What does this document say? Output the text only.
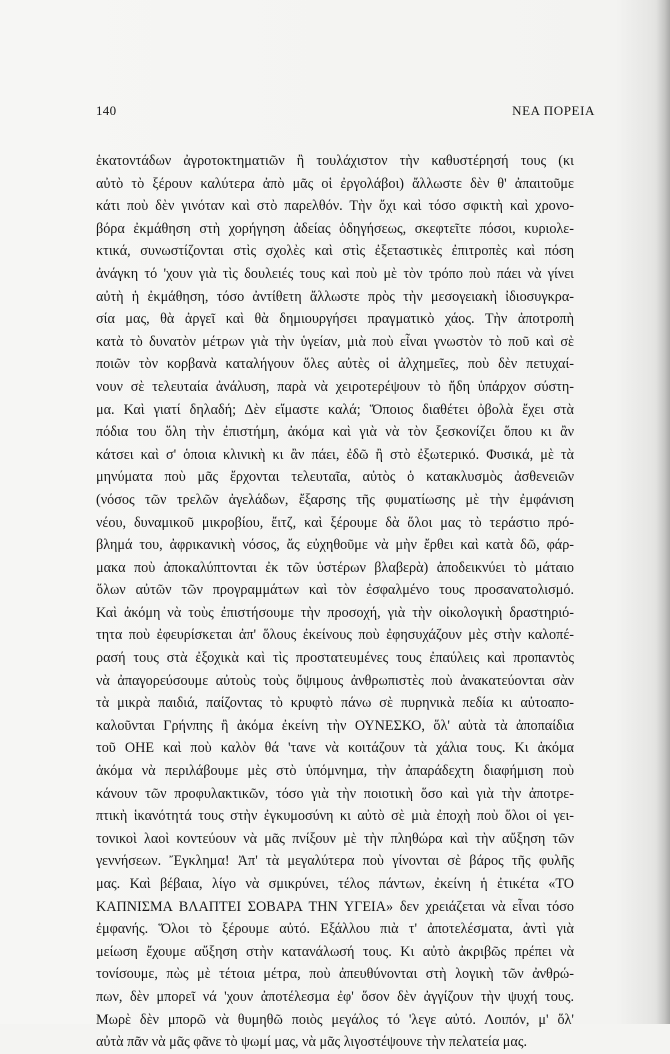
140	ΝΕΑ ΠΟΡΕΙΑ
ἑκατοντάδων ἀγροτοκτηματιῶν ἢ τουλάχιστον τὴν καθυστέρησή τους (κι
αὐτὸ τὸ ξέρουν καλύτερα ἀπὸ μᾶς οἱ ἐργολάβοι) ἄλλωστε δὲν θ' ἀπαιτοῦμε
κάτι ποὺ δὲν γινόταν καὶ στὸ παρελθόν. Τὴν ὄχι καὶ τόσο σφικτὴ καὶ χρονο-
βόρα ἐκμάθηση στὴ χορήγηση ἀδείας ὁδηγήσεως, σκεφτεῖτε πόσοι, κυριολε-
κτικά, συνωστίζονται στὶς σχολὲς καὶ στὶς ἐξεταστικὲς ἐπιτροπὲς καὶ πόση
ἀνάγκη τό 'χουν γιὰ τὶς δουλειές τους καὶ ποὺ μὲ τὸν τρόπο ποὺ πάει νὰ γίνει
αὐτὴ ἡ ἐκμάθηση, τόσο ἀντίθετη ἄλλωστε πρὸς τὴν μεσογειακὴ ἰδιοσυγκρα-
σία μας, θὰ ἀργεῖ καὶ θὰ δημιουργήσει πραγματικὸ χάος. Τὴν ἀποτροπὴ
κατὰ τὸ δυνατὸν μέτρων γιὰ τὴν ὑγείαν, μιὰ ποὺ εἶναι γνωστὸν τὸ ποῦ καὶ σὲ
ποιῶν τὸν κορβανὰ καταλήγουν ὅλες αὐτὲς οἱ ἀλχημεῖες, ποὺ δὲν πετυχαί-
νουν σὲ τελευταία ἀνάλυση, παρὰ νὰ χειροτερέψουν τὸ ἤδη ὑπάρχον σύστη-
μα. Καὶ γιατί δηλαδή; Δὲν εἴμαστε καλά; Ὅποιος διαθέτει ὀβολὰ ἔχει στὰ
πόδια του ὅλη τὴν ἐπιστήμη, ἀκόμα καὶ γιὰ νὰ τὸν ξεσκονίζει ὅπου κι ἂν
κάτσει καὶ σ' ὁποια κλινικὴ κι ἂν πάει, ἐδῶ ἢ στὸ ἐξωτερικό. Φυσικά, μὲ τὰ
μηνύματα ποὺ μᾶς ἔρχονται τελευταῖα, αὐτὸς ὁ κατακλυσμὸς ἀσθενειῶν
(νόσος τῶν τρελῶν ἀγελάδων, ἔξαρσης τῆς φυματίωσης μὲ τὴν ἐμφάνιση
νέου, δυναμικοῦ μικροβίου, ἔιτζ, καὶ ξέρουμε δὰ ὅλοι μας τὸ τεράστιο πρό-
βλημά του, ἀφρικανικὴ νόσος, ἄς εὐχηθοῦμε νὰ μὴν ἔρθει καὶ κατὰ δῶ, φάρ-
μακα ποὺ ἀποκαλύπτονται ἐκ τῶν ὑστέρων βλαβερὰ) ἀποδεικνύει τὸ μάταιο
ὅλων αὐτῶν τῶν προγραμμάτων καὶ τὸν ἐσφαλμένο τους προσανατολισμό.
Καὶ ἀκόμη νὰ τοὺς ἐπιστήσουμε τὴν προσοχή, γιὰ τὴν οἰκολογικὴ δραστηριό-
τητα ποὺ ἐφευρίσκεται ἀπ' ὅλους ἐκείνους ποὺ ἐφησυχάζουν μὲς στὴν καλοπέ-
ρασή τους στὰ ἐξοχικὰ καὶ τὶς προστατευμένες τους ἐπαύλεις καὶ προπαντὸς
νὰ ἀπαγορεύσουμε αὐτοὺς τοὺς ὄψιμους ἀνθρωπιστὲς ποὺ ἀνακατεύονται σὰν
τὰ μικρὰ παιδιά, παίζοντας τὸ κρυφτὸ πάνω σὲ πυρηνικὰ πεδία κι αὐτοαπο-
καλοῦνται Γρήνπης ἢ ἀκόμα ἐκείνη τὴν ΟΥΝΕΣΚΟ, ὅλ' αὐτὰ τὰ ἀποπαίδια
τοῦ ΟΗΕ καὶ ποὺ καλὸν θά 'τανε νὰ κοιτάζουν τὰ χάλια τους. Κι ἀκόμα
ἀκόμα νὰ περιλάβουμε μὲς στὸ ὑπόμνημα, τὴν ἀπαράδεχτη διαφήμιση ποὺ
κάνουν τῶν προφυλακτικῶν, τόσο γιὰ τὴν ποιοτικὴ ὅσο καὶ γιὰ τὴν ἀποτρε-
πτικὴ ἱκανότητά τους στὴν ἐγκυμοσύνη κι αὐτὸ σὲ μιὰ ἐποχὴ ποὺ ὅλοι οἱ γει-
τονικοὶ λαοὶ κοντεύουν νὰ μᾶς πνίξουν μὲ τὴν πληθώρα καὶ τὴν αὔξηση τῶν
γεννήσεων. Ἔγκλημα! Ἀπ' τὰ μεγαλύτερα ποὺ γίνονται σὲ βάρος τῆς φυλῆς
μας. Καὶ βέβαια, λίγο νὰ σμικρύνει, τέλος πάντων, ἐκείνη ἡ ἐτικέτα «ΤΟ
ΚΑΠΝΙΣΜΑ ΒΛΑΠΤΕΙ ΣΟΒΑΡΑ ΤΗΝ ΥΓΕΙΑ» δεν χρειάζεται νὰ εἶναι τόσο
ἐμφανής. Ὅλοι τὸ ξέρουμε αὐτό. Εξάλλου πιὰ τ' ἀποτελέσματα, ἀντὶ γιὰ
μείωση ἔχουμε αὔξηση στὴν κατανάλωσή τους. Κι αὐτὸ ἀκριβῶς πρέπει νὰ
τονίσουμε, πὼς μὲ τέτοια μέτρα, ποὺ ἀπευθύνονται στὴ λογικὴ τῶν ἀνθρώ-
πων, δὲν μπορεῖ νά 'χουν ἀποτέλεσμα ἐφ' ὅσον δὲν ἀγγίζουν τὴν ψυχή τους.
Μωρὲ δὲν μπορῶ νὰ θυμηθῶ ποιὸς μεγάλος τό 'λεγε αὐτό. Λοιπόν, μ' ὅλ'
αὐτὰ πᾶν νὰ μᾶς φᾶνε τὸ ψωμί μας, νὰ μᾶς λιγοστέψουνε τὴν πελατεία μας.
